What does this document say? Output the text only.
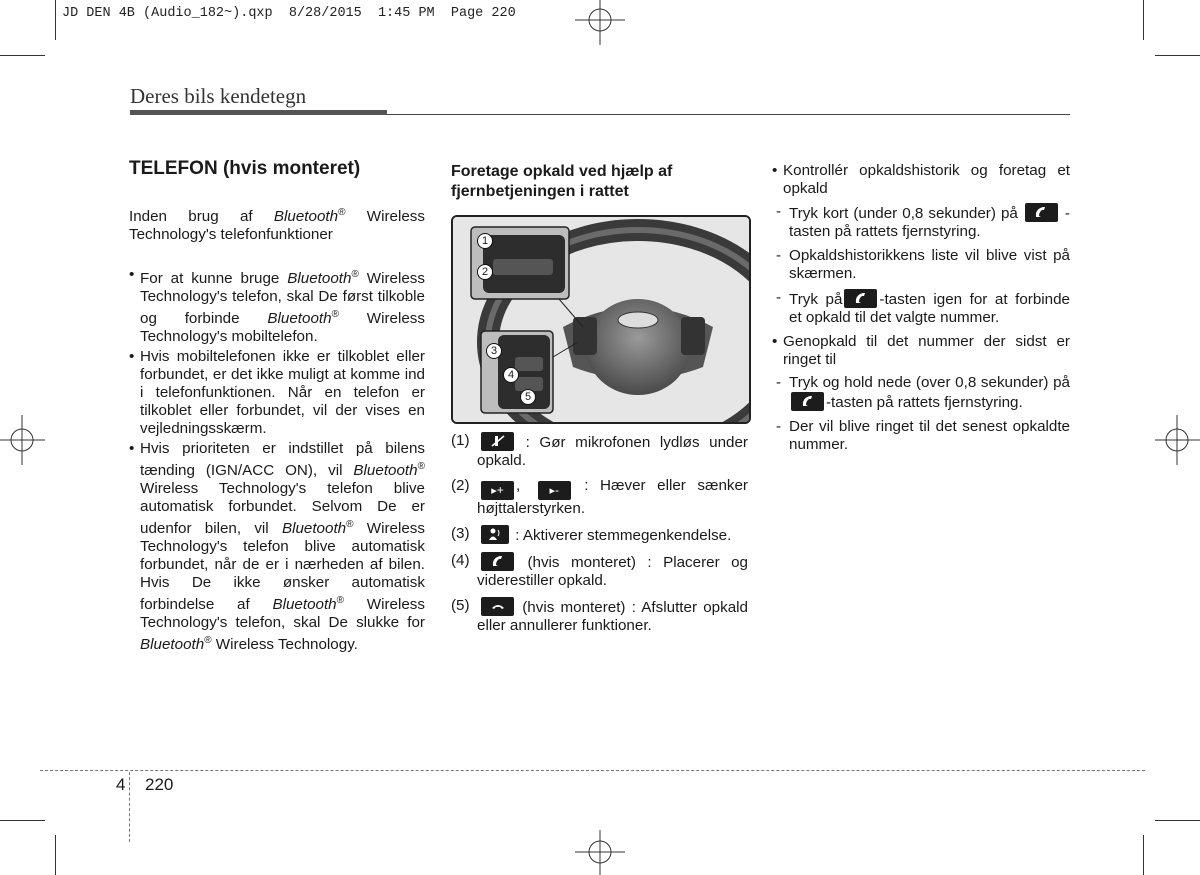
JD DEN 4B (Audio_182~).qxp  8/28/2015  1:45 PM  Page 220
Deres bils kendetegn
TELEFON (hvis monteret)
Inden brug af Bluetooth® Wireless Technology's telefonfunktioner
• For at kunne bruge Bluetooth® Wireless Technology's telefon, skal De først tilkoble og forbinde Bluetooth® Wireless Technology's mobiltelefon.
• Hvis mobiltelefonen ikke er tilkoblet eller forbundet, er det ikke muligt at komme ind i telefonfunktionen. Når en telefon er tilkoblet eller forbundet, vil der vises en vejledningsskærm.
• Hvis prioriteten er indstillet på bilens tænding (IGN/ACC ON), vil Bluetooth® Wireless Technology's telefon blive automatisk forbundet. Selvom De er udenfor bilen, vil Bluetooth® Wireless Technology's telefon blive automatisk forbundet, når de er i nærheden af bilen. Hvis De ikke ønsker automatisk forbindelse af Bluetooth® Wireless Technology's telefon, skal De slukke for Bluetooth® Wireless Technology.
Foretage opkald ved hjælp af
fjernbetjeningen i rattet
1
2
3
4
5
(1)	: Gør mikrofonen lydløs under opkald.
(2) ▸+ ,	▸- : Hæver eller sænker højttalerstyrken.
(3)	: Aktiverer stemmegenkendelse.
(4)	(hvis monteret) : Placerer og viderestiller opkald.
(5)	(hvis monteret) : Afslutter opkald eller annullerer funktioner.
• Kontrollér opkaldshistorik og foretag et opkald
- Tryk kort (under 0,8 sekunder) på	-tasten på rattets fjernstyring.
- Opkaldshistorikkens liste vil blive vist på skærmen.
- Tryk på -tasten igen for at forbinde et opkald til det valgte nummer.
• Genopkald til det nummer der sidst er ringet til
- Tryk og hold nede (over 0,8 sekunder) på
-tasten på rattets fjernstyring.
- Der vil blive ringet til det senest opkaldte nummer.
4 220
